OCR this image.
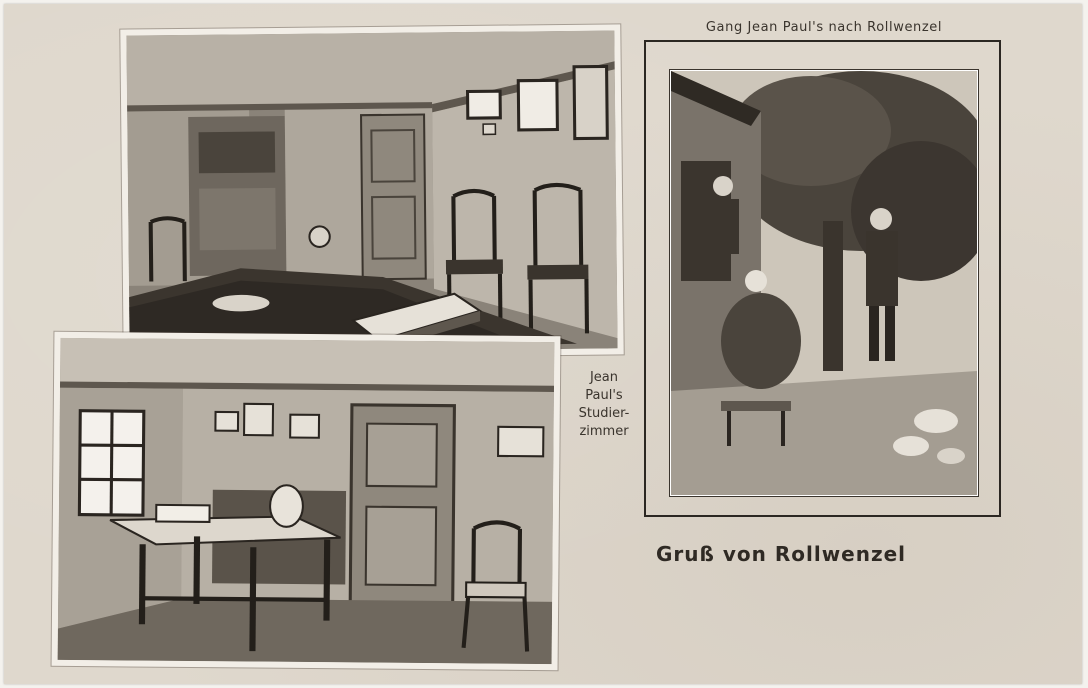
Gang Jean Paul's nach Rollwenzel
Jean
Paul's
Studier-
zimmer
Gruß von Rollwenzel
